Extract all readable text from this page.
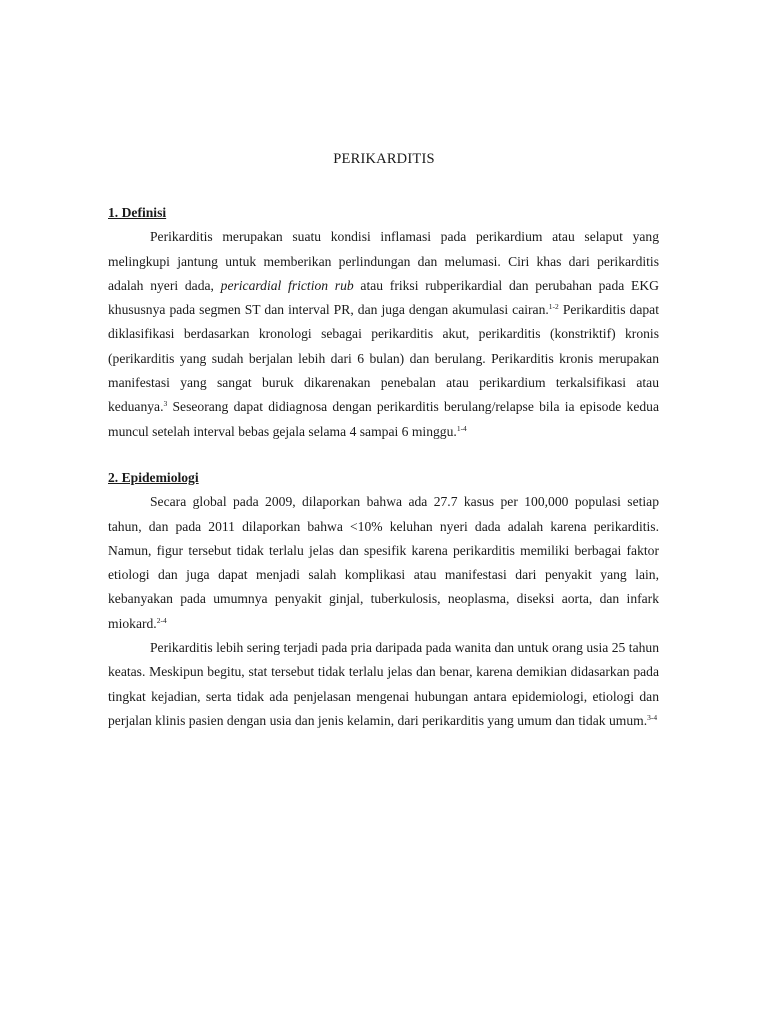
PERIKARDITIS

1. Definisi

Perikarditis merupakan suatu kondisi inflamasi pada perikardium atau selaput yang melingkupi jantung untuk memberikan perlindungan dan melumasi. Ciri khas dari perikarditis adalah nyeri dada, pericardial friction rub atau friksi rubperikardial dan perubahan pada EKG khususnya pada segmen ST dan interval PR, dan juga dengan akumulasi cairan.$^{1-2}$ Perikarditis dapat diklasifikasi berdasarkan kronologi sebagai perikarditis akut, perikarditis (konstriktif) kronis (perikarditis yang sudah berjalan lebih dari 6 bulan) dan berulang. Perikarditis kronis merupakan manifestasi yang sangat buruk dikarenakan penebalan atau perikardium terkalsifikasi atau keduanya.$^3$ Seseorang dapat didiagnosa dengan perikarditis berulang/relapse bila ia episode kedua muncul setelah interval bebas gejala selama 4 sampai 6 minggu.$^{1-4}$

2. Epidemiologi

Secara global pada 2009, dilaporkan bahwa ada 27.7 kasus per 100,000 populasi setiap tahun, dan pada 2011 dilaporkan bahwa <10% keluhan nyeri dada adalah karena perikarditis. Namun, figur tersebut tidak terlalu jelas dan spesifik karena perikarditis memiliki berbagai faktor etiologi dan juga dapat menjadi salah komplikasi atau manifestasi dari penyakit yang lain, kebanyakan pada umumnya penyakit ginjal, tuberkulosis, neoplasma, diseksi aorta, dan infark miokard.$^{2-4}$

Perikarditis lebih sering terjadi pada pria daripada pada wanita dan untuk orang usia 25 tahun keatas. Meskipun begitu, stat tersebut tidak terlalu jelas dan benar, karena demikian didasarkan pada tingkat kejadian, serta tidak ada penjelasan mengenai hubungan antara epidemiologi, etiologi dan perjalan klinis pasien dengan usia dan jenis kelamin, dari perikarditis yang umum dan tidak umum.$^{3-4}$
